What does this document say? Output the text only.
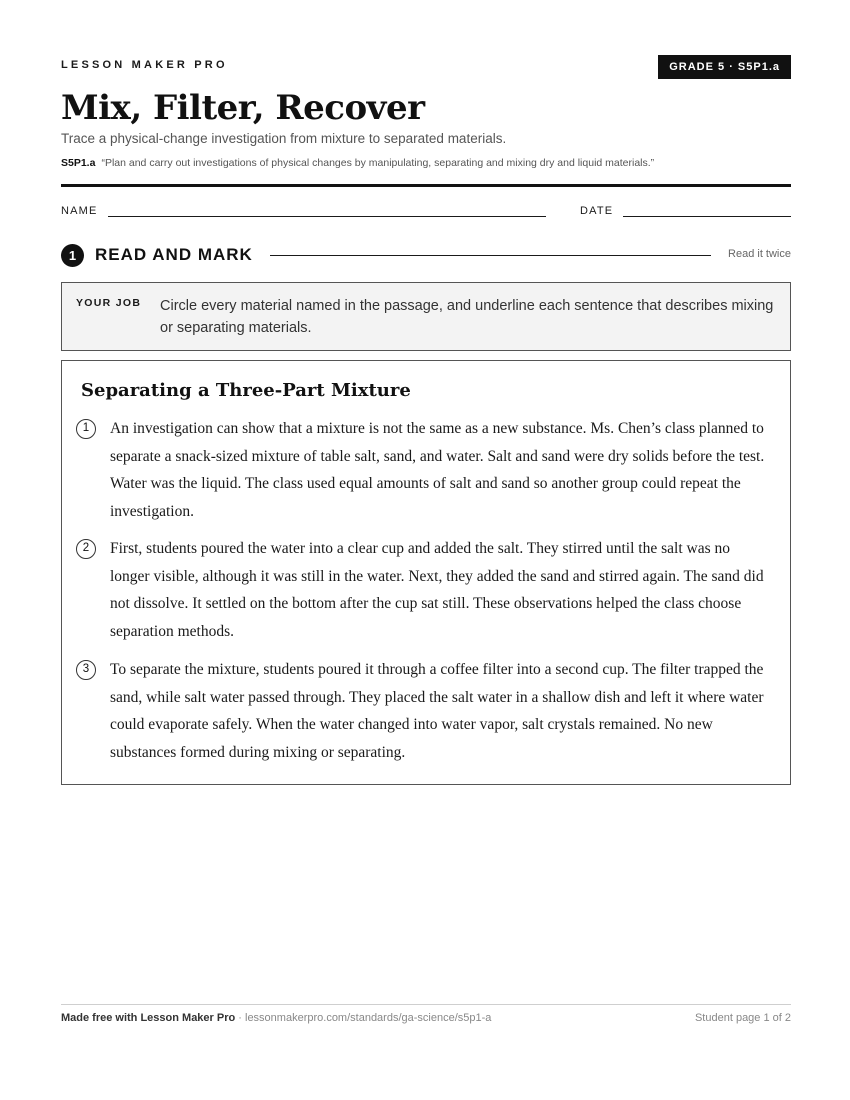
LESSON MAKER PRO	GRADE 5 · S5P1.a
Mix, Filter, Recover
Trace a physical-change investigation from mixture to separated materials.
S5P1.a “Plan and carry out investigations of physical changes by manipulating, separating and mixing dry and liquid materials.”
NAME	DATE
1	READ AND MARK	Read it twice
YOUR JOB Circle every material named in the passage, and underline each sentence that describes mixing or separating materials.
Separating a Three-Part Mixture
1	An investigation can show that a mixture is not the same as a new substance. Ms. Chen’s class planned to separate a snack-sized mixture of table salt, sand, and water. Salt and sand were dry solids before the test. Water was the liquid. The class used equal amounts of salt and sand so another group could repeat the investigation.
2	First, students poured the water into a clear cup and added the salt. They stirred until the salt was no longer visible, although it was still in the water. Next, they added the sand and stirred again. The sand did not dissolve. It settled on the bottom after the cup sat still. These observations helped the class choose separation methods.
3	To separate the mixture, students poured it through a coffee filter into a second cup. The filter trapped the sand, while salt water passed through. They placed the salt water in a shallow dish and left it where water could evaporate safely. When the water changed into water vapor, salt crystals remained. No new substances formed during mixing or separating.
Made free with Lesson Maker Pro · lessonmakerpro.com/standards/ga-science/s5p1-a	Student page 1 of 2
